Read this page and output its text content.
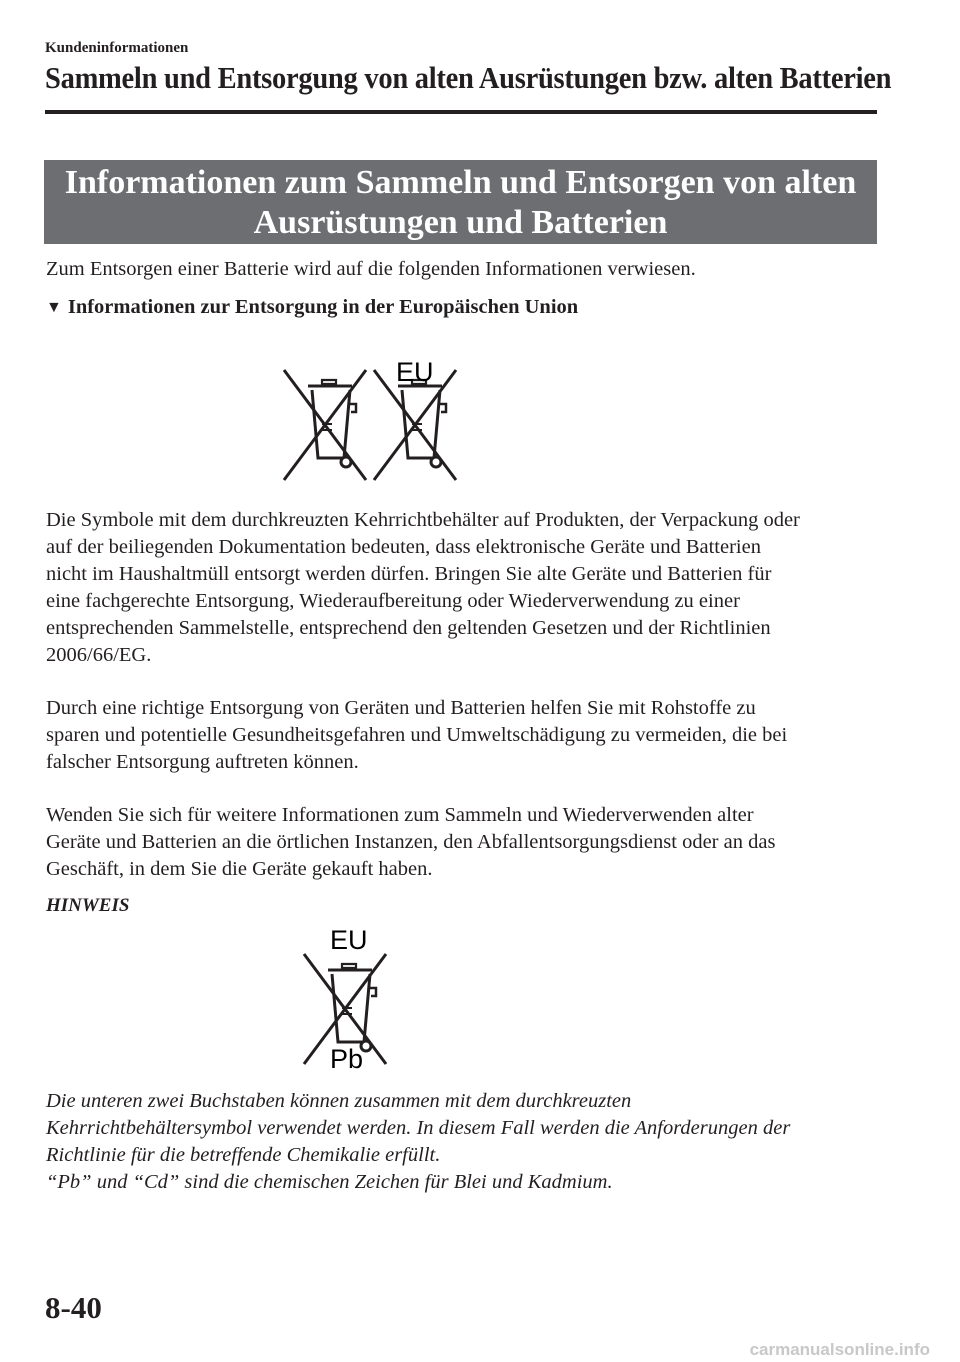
Kundeninformationen
Sammeln und Entsorgung von alten Ausrüstungen bzw. alten Batterien
Informationen zum Sammeln und Entsorgen von alten
Ausrüstungen und Batterien
Zum Entsorgen einer Batterie wird auf die folgenden Informationen verwiesen.
▼ Informationen zur Entsorgung in der Europäischen Union
EU
Die Symbole mit dem durchkreuzten Kehrrichtbehälter auf Produkten, der Verpackung oder
auf der beiliegenden Dokumentation bedeuten, dass elektronische Geräte und Batterien
nicht im Haushaltmüll entsorgt werden dürfen. Bringen Sie alte Geräte und Batterien für
eine fachgerechte Entsorgung, Wiederaufbereitung oder Wiederverwendung zu einer
entsprechenden Sammelstelle, entsprechend den geltenden Gesetzen und der Richtlinien
2006/66/EG.
Durch eine richtige Entsorgung von Geräten und Batterien helfen Sie mit Rohstoffe zu
sparen und potentielle Gesundheitsgefahren und Umweltschädigung zu vermeiden, die bei
falscher Entsorgung auftreten können.
Wenden Sie sich für weitere Informationen zum Sammeln und Wiederverwenden alter
Geräte und Batterien an die örtlichen Instanzen, den Abfallentsorgungsdienst oder an das
Geschäft, in dem Sie die Geräte gekauft haben.
HINWEIS
EU
Pb
Die unteren zwei Buchstaben können zusammen mit dem durchkreuzten
Kehrrichtbehältersymbol verwendet werden. In diesem Fall werden die Anforderungen der
Richtlinie für die betreffende Chemikalie erfüllt.
“Pb” und “Cd” sind die chemischen Zeichen für Blei und Kadmium.
8-40
carmanualsonline.info
